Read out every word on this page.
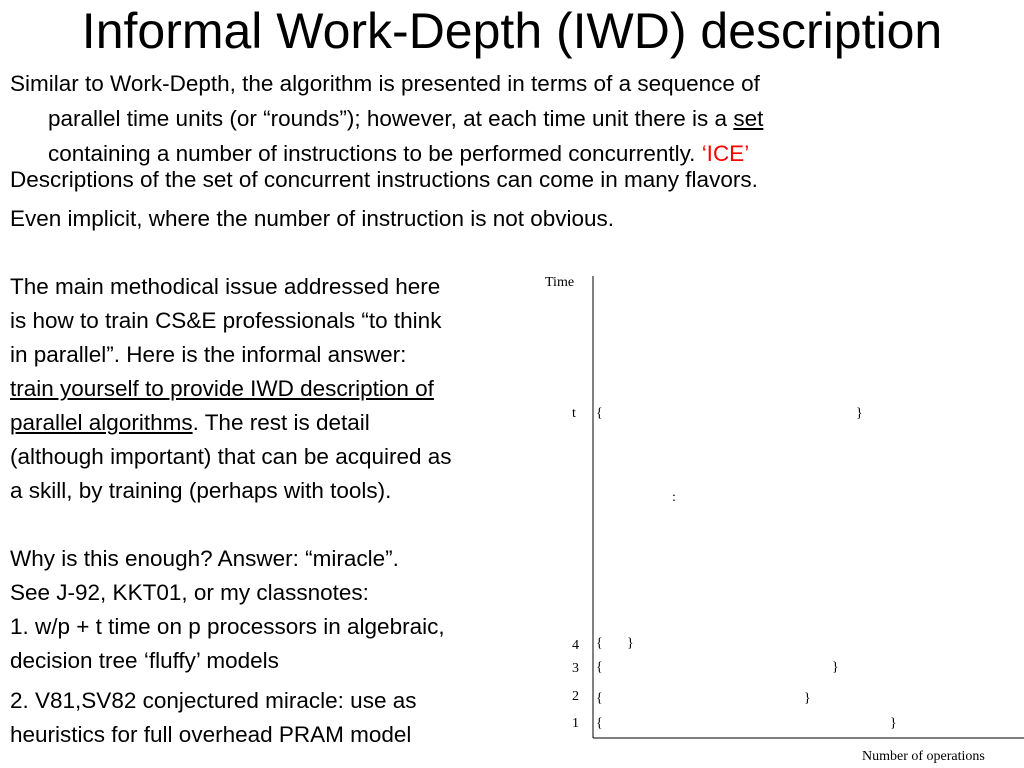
Informal Work-Depth (IWD) description
Similar to Work-Depth, the algorithm is presented in terms of a sequence of
parallel time units (or “rounds”); however, at each time unit there is a set
containing a number of instructions to be performed concurrently. ‘ICE’
Descriptions of the set of concurrent instructions can come in many flavors.
Even implicit, where the number of instruction is not obvious.
The main methodical issue addressed here
is how to train CS&E professionals “to think
in parallel”. Here is the informal answer:
train yourself to provide IWD description of
parallel algorithms. The rest is detail
(although important) that can be acquired as
a skill, by training (perhaps with tools).
Why is this enough? Answer: “miracle”.
See J-92, KKT01, or my classnotes:
1. w/p + t time on p processors in algebraic,
decision tree ‘fluffy’ models
2. V81,SV82 conjectured miracle: use as
heuristics for full overhead PRAM model
Time
Number of operations
t {	}
:
4 { }
3 {	}
2 {	}
1 {	}
